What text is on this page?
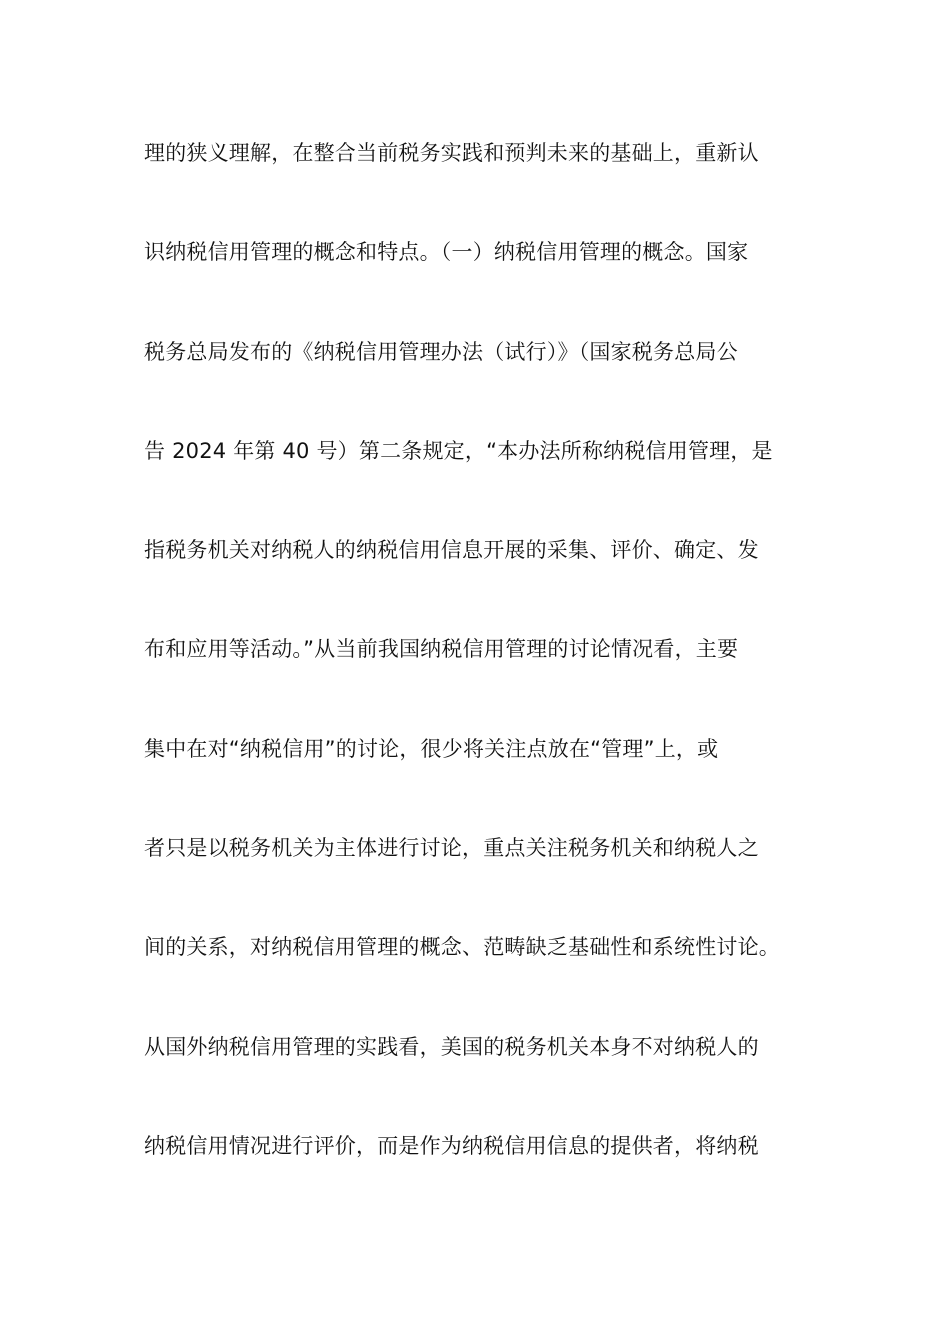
理的狭义理解，在整合当前税务实践和预判未来的基础上，重新认
识纳税信用管理的概念和特点。（一）纳税信用管理的概念。国家
税务总局发布的《纳税信用管理办法（试行）》（国家税务总局公
告 2024 年第 40 号）第二条规定，“本办法所称纳税信用管理，是
指税务机关对纳税人的纳税信用信息开展的采集、评价、确定、发
布和应用等活动。”从当前我国纳税信用管理的讨论情况看，主要
集中在对“纳税信用”的讨论，很少将关注点放在“管理”上，或
者只是以税务机关为主体进行讨论，重点关注税务机关和纳税人之
间的关系，对纳税信用管理的概念、范畴缺乏基础性和系统性讨论。
从国外纳税信用管理的实践看，美国的税务机关本身不对纳税人的
纳税信用情况进行评价，而是作为纳税信用信息的提供者，将纳税
